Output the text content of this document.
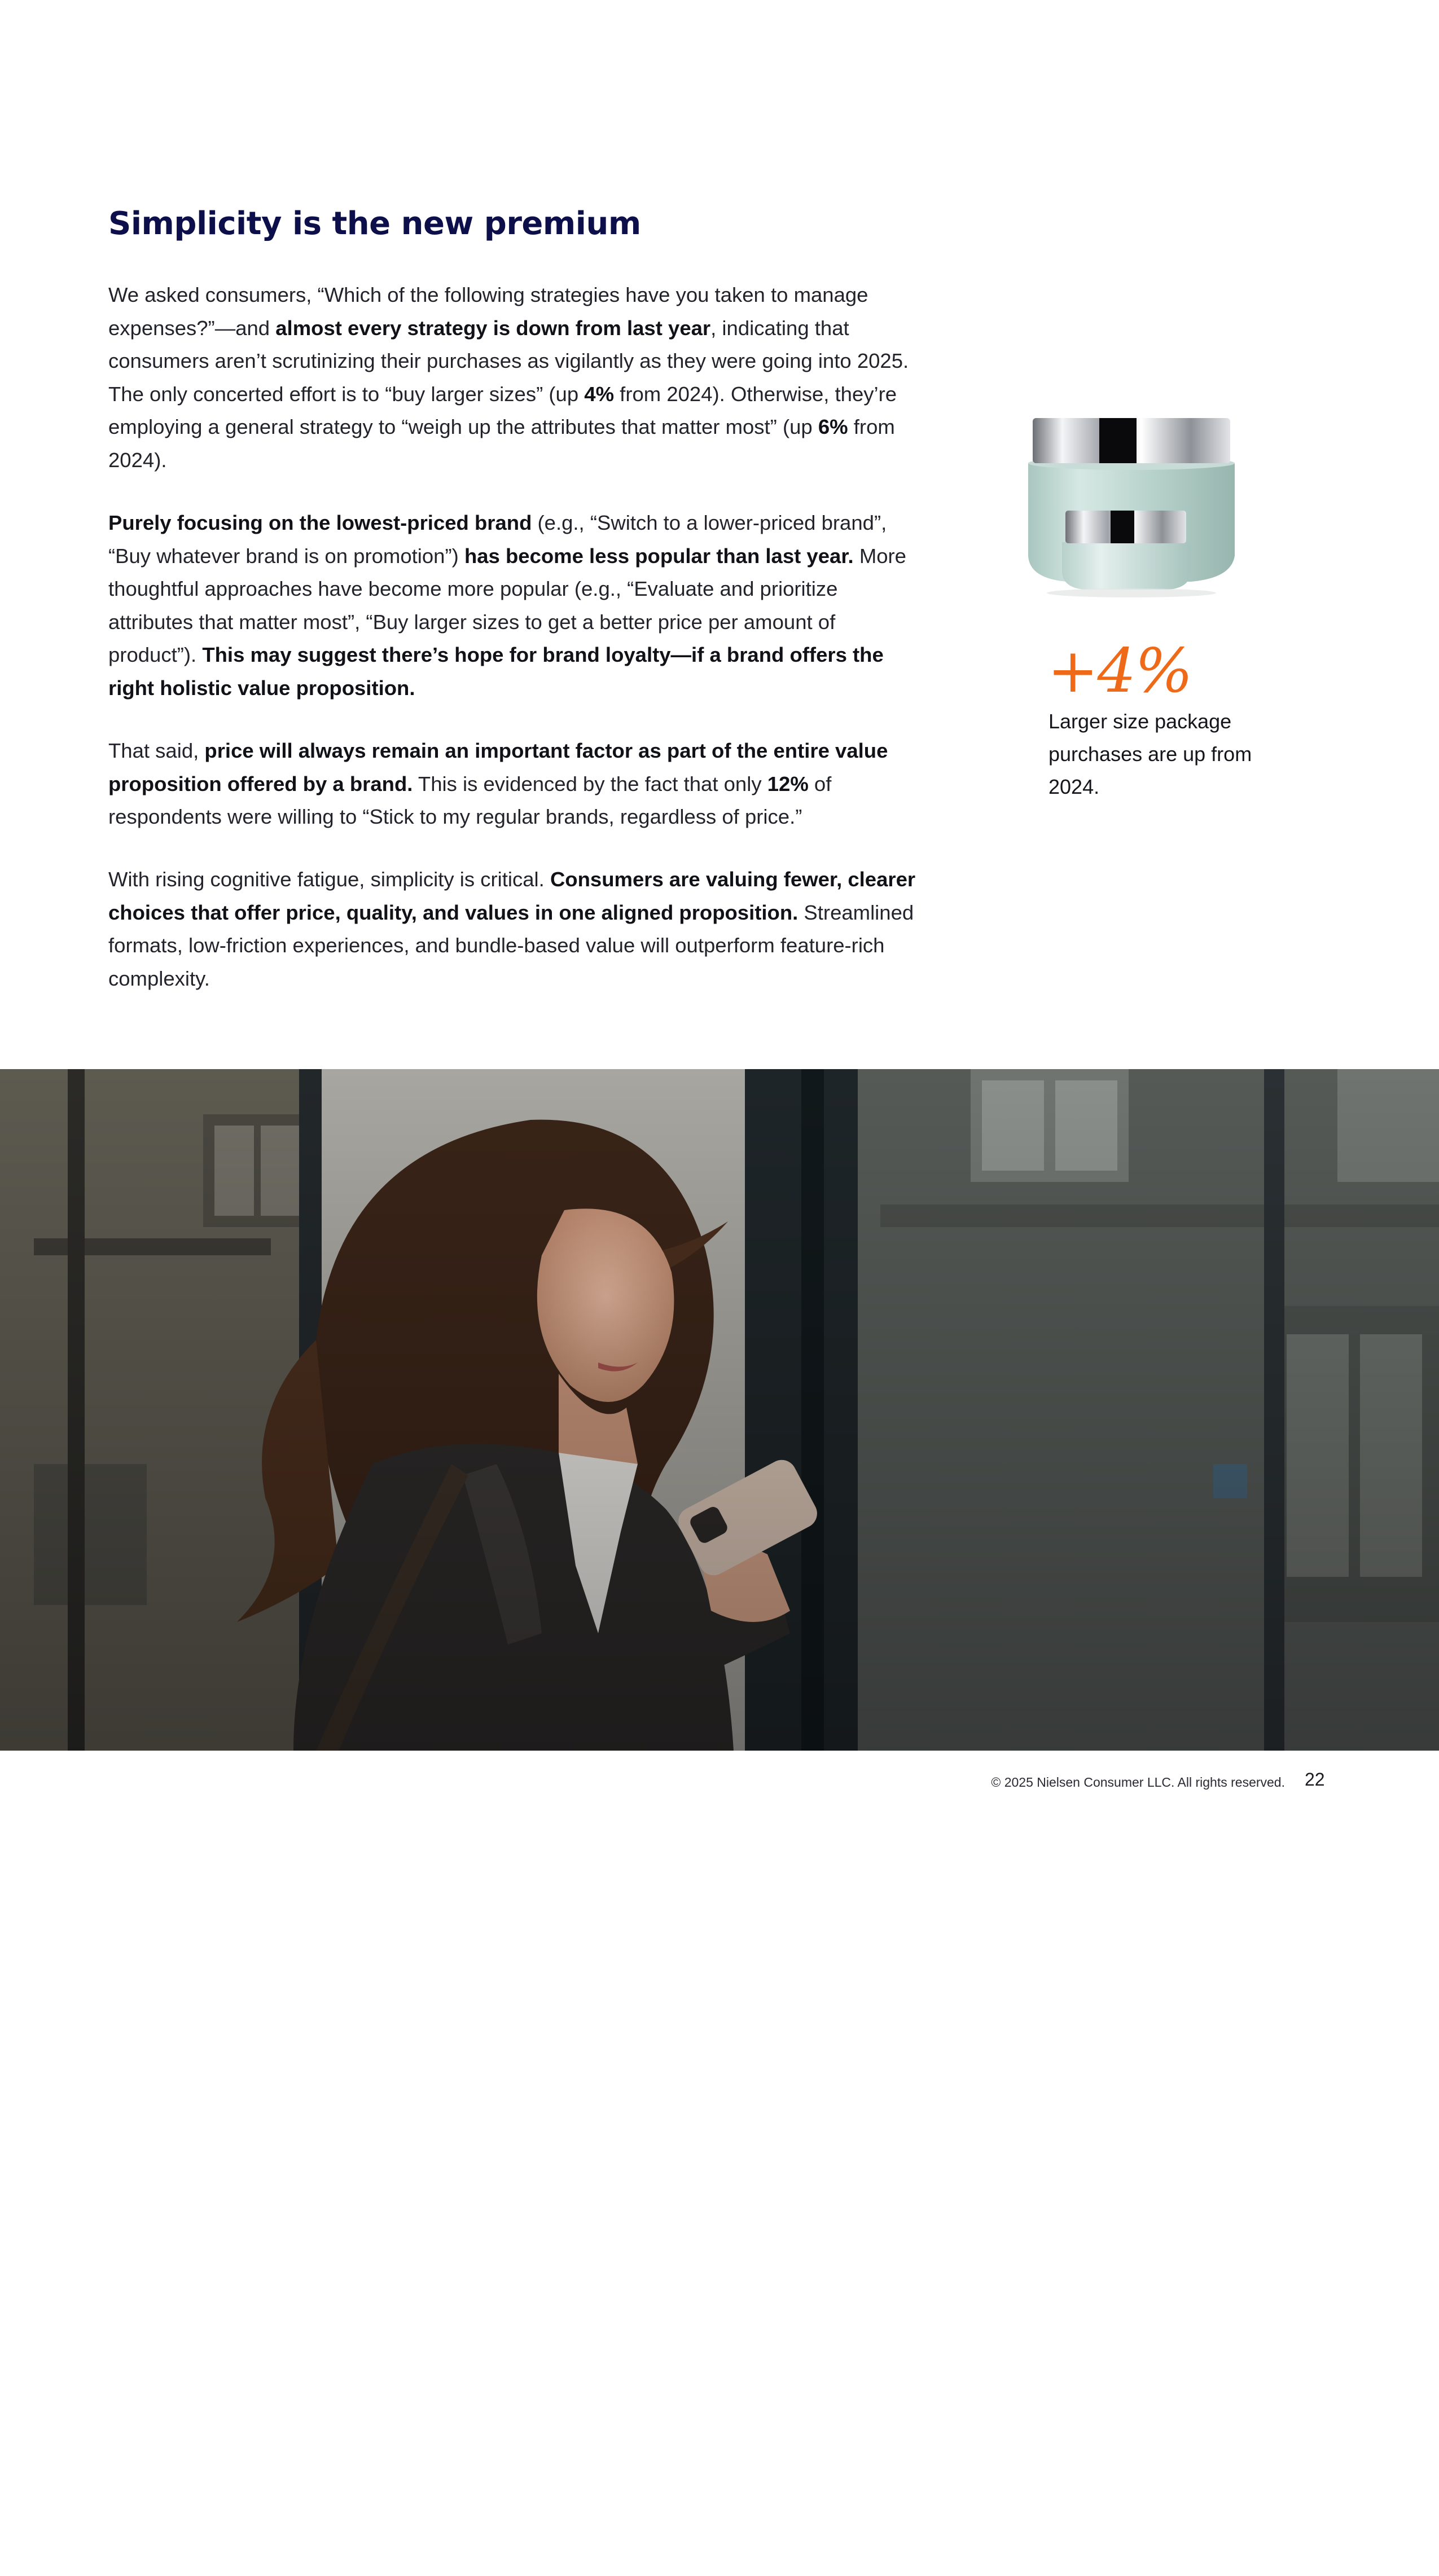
Simplicity is the new premium

We asked consumers, “Which of the following strategies have you taken to manage expenses?”—and almost every strategy is down from last year, indicating that consumers aren’t scrutinizing their purchases as vigilantly as they were going into 2025. The only concerted effort is to “buy larger sizes” (up 4% from 2024). Otherwise, they’re employing a general strategy to “weigh up the attributes that matter most” (up 6% from 2024).

Purely focusing on the lowest-priced brand (e.g., “Switch to a lower-priced brand”, “Buy whatever brand is on promotion”) has become less popular than last year. More thoughtful approaches have become more popular (e.g., “Evaluate and prioritize attributes that matter most”, “Buy larger sizes to get a better price per amount of product”). This may suggest there’s hope for brand loyalty—if a brand offers the right holistic value proposition.

That said, price will always remain an important factor as part of the entire value proposition offered by a brand. This is evidenced by the fact that only 12% of respondents were willing to “Stick to my regular brands, regardless of price.”

With rising cognitive fatigue, simplicity is critical. Consumers are valuing fewer, clearer choices that offer price, quality, and values in one aligned proposition. Streamlined formats, low-friction experiences, and bundle-based value will outperform feature-rich complexity.

+4%

Larger size package purchases are up from 2024.

Consumers are valuing fewer, clearer choices that offer price, quality, and values in one aligned proposition.

© 2025 Nielsen Consumer LLC. All rights reserved. 22
